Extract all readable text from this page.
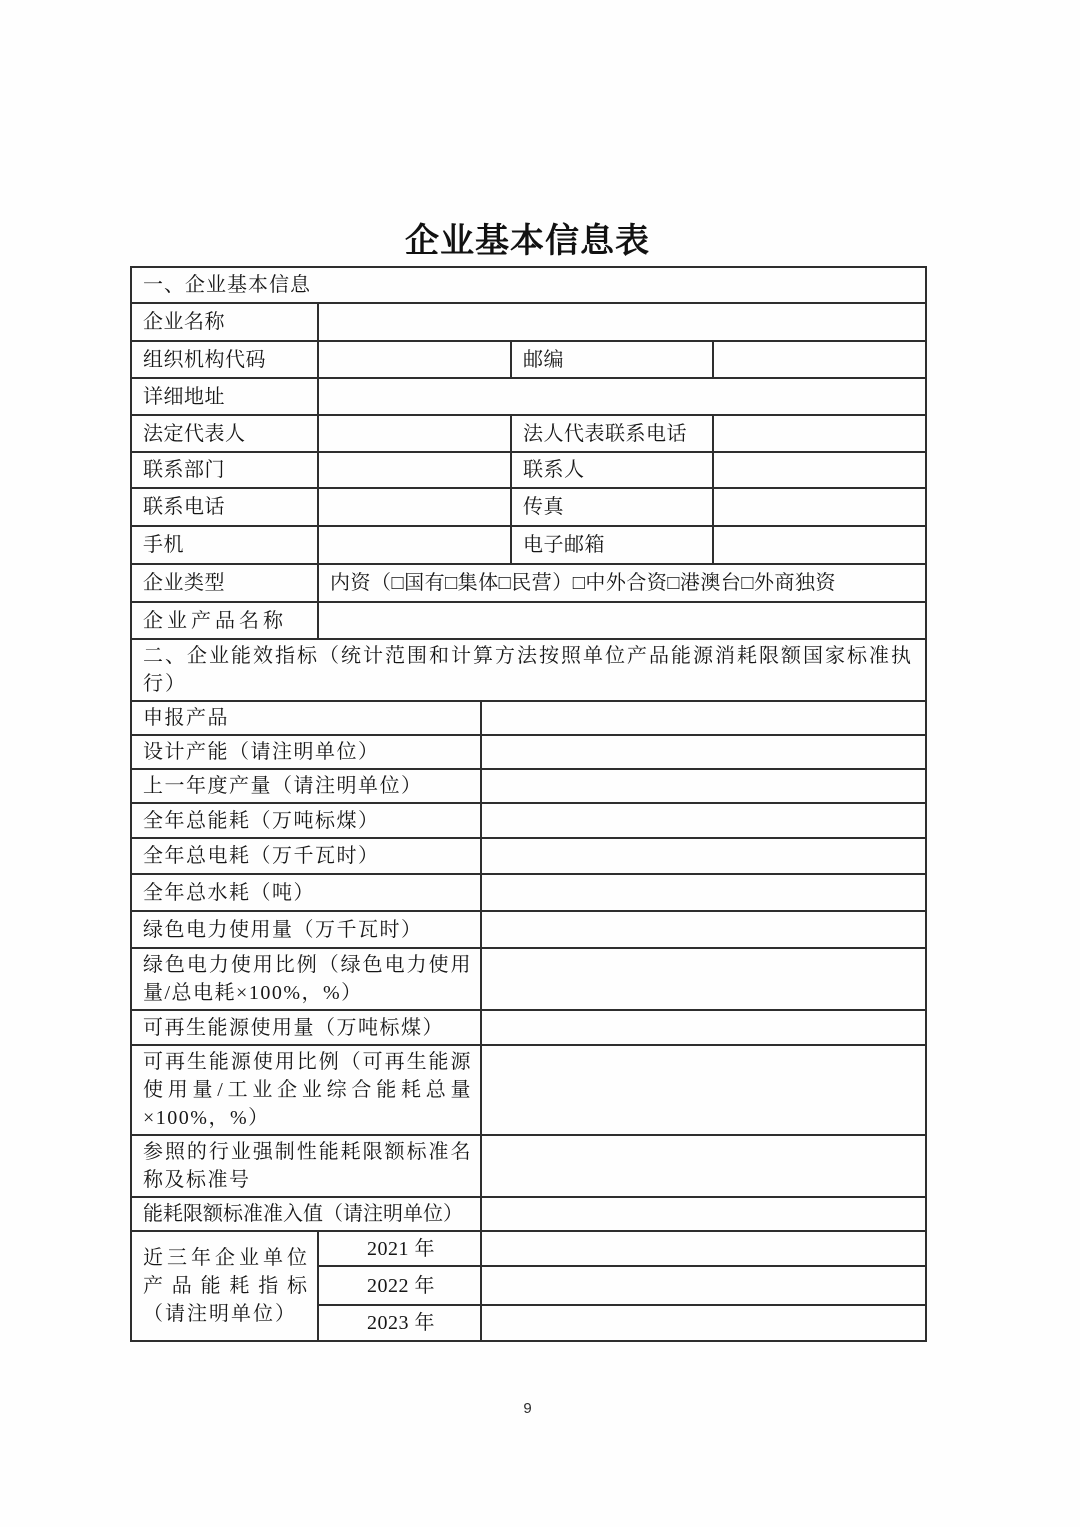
企业基本信息表
一、企业基本信息				
企业名称				
组织机构代码			邮编	
详细地址				
法定代表人			法人代表联系电话	
联系部门			联系人	
联系电话			传真	
手机			电子邮箱	
企业类型	内资（□国有□集体□民营）□中外合资□港澳台□外商独资			
企业产品名称				
二、企业能效指标（统计范围和计算方法按照单位产品能源消耗限额国家标准执行）				
申报产品				
设计产能（请注明单位）				
上一年度产量（请注明单位）				
全年总能耗（万吨标煤）				
全年总电耗（万千瓦时）				
全年总水耗（吨）				
绿色电力使用量（万千瓦时）				
绿色电力使用比例（绿色电力使用量/总电耗×100%，%）				
可再生能源使用量（万吨标煤）				
可再生能源使用比例（可再生能源使用量/工业企业综合能耗总量×100%，%）				
参照的行业强制性能耗限额标准名称及标准号				
能耗限额标准准入值（请注明单位）				
近三年企业单位产品能耗指标（请注明单位）	2021 年			
	2022 年			
	2023 年			
9
